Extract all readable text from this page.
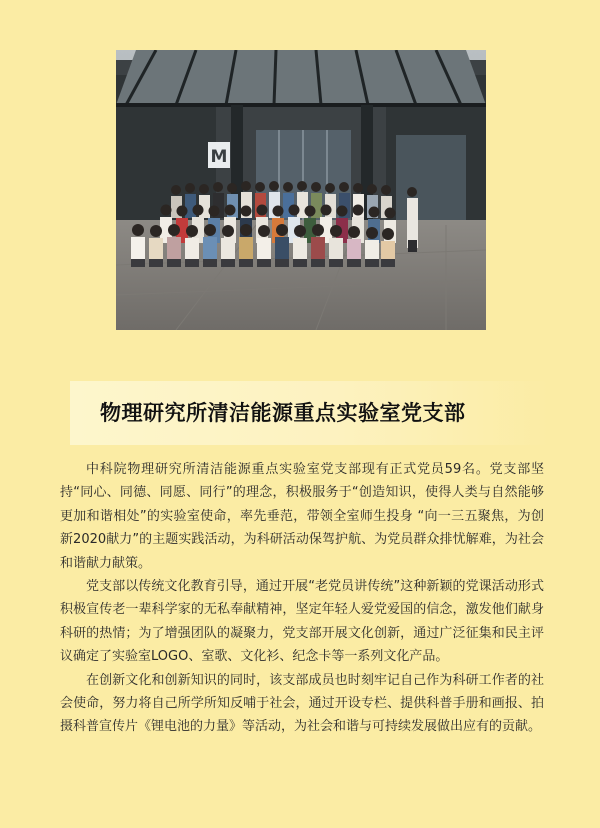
M
物理研究所清洁能源重点实验室党支部

中科院物理研究所清洁能源重点实验室党支部现有正式党员59名。党支部坚持“同心、同德、同愿、同行”的理念，积极服务于“创造知识，使得人类与自然能够更加和谐相处”的实验室使命，率先垂范，带领全室师生投身 “向一三五聚焦，为创新2020献力”的主题实践活动，为科研活动保驾护航、为党员群众排忧解难，为社会和谐献力献策。

党支部以传统文化教育引导，通过开展“老党员讲传统”这种新颖的党课活动形式积极宣传老一辈科学家的无私奉献精神，坚定年轻人爱党爱国的信念，激发他们献身科研的热情；为了增强团队的凝聚力，党支部开展文化创新，通过广泛征集和民主评议确定了实验室LOGO、室歌、文化衫、纪念卡等一系列文化产品。

在创新文化和创新知识的同时，该支部成员也时刻牢记自己作为科研工作者的社会使命，努力将自己所学所知反哺于社会，通过开设专栏、提供科普手册和画报、拍摄科普宣传片《锂电池的力量》等活动，为社会和谐与可持续发展做出应有的贡献。
